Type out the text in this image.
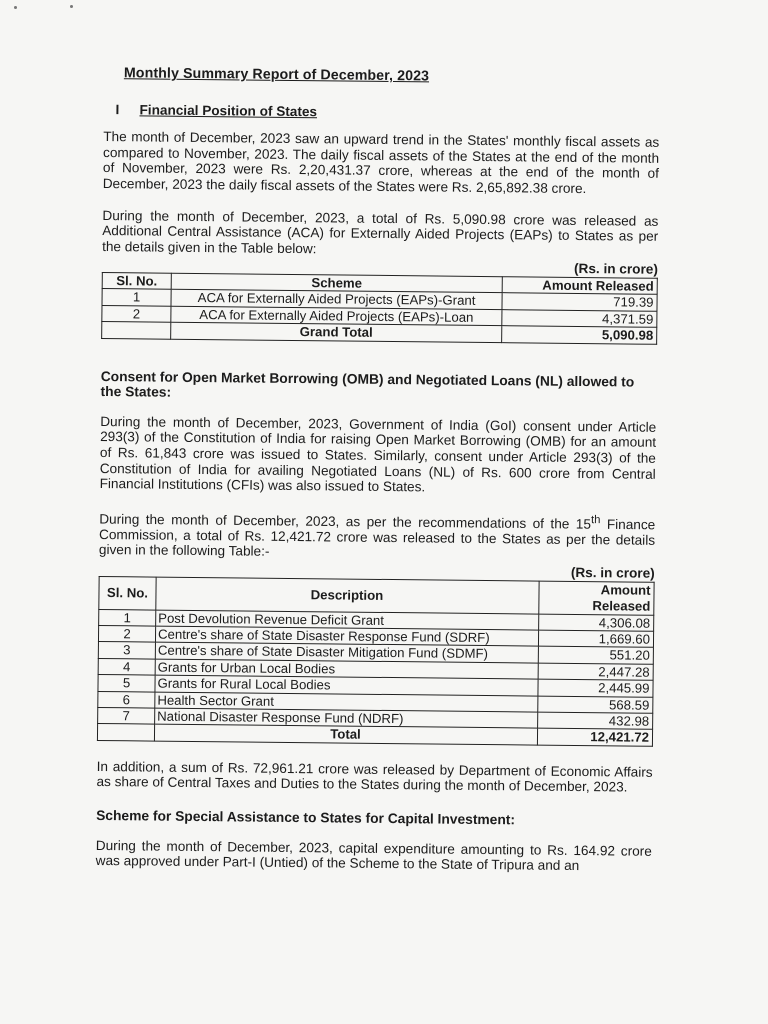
Monthly Summary Report of December, 2023
I Financial Position of States

The month of December, 2023 saw an upward trend in the States' monthly fiscal assets as compared to November, 2023. The daily fiscal assets of the States at the end of the month of November, 2023 were Rs. 2,20,431.37 crore, whereas at the end of the month of December, 2023 the daily fiscal assets of the States were Rs. 2,65,892.38 crore.

During the month of December, 2023, a total of Rs. 5,090.98 crore was released as Additional Central Assistance (ACA) for Externally Aided Projects (EAPs) to States as per the details given in the Table below:

(Rs. in crore)
Sl. No.	Scheme	Amount Released
1	ACA for Externally Aided Projects (EAPs)-Grant	719.39
2	ACA for Externally Aided Projects (EAPs)-Loan	4,371.59
	Grand Total	5,090.98
Consent for Open Market Borrowing (OMB) and Negotiated Loans (NL) allowed to the States:

During the month of December, 2023, Government of India (GoI) consent under Article 293(3) of the Constitution of India for raising Open Market Borrowing (OMB) for an amount of Rs. 61,843 crore was issued to States. Similarly, consent under Article 293(3) of the Constitution of India for availing Negotiated Loans (NL) of Rs. 600 crore from Central Financial Institutions (CFIs) was also issued to States.

During the month of December, 2023, as per the recommendations of the 15th Finance Commission, a total of Rs. 12,421.72 crore was released to the States as per the details given in the following Table:-

(Rs. in crore)
Sl. No.	Description	Amount Released
1	Post Devolution Revenue Deficit Grant	4,306.08
2	Centre's share of State Disaster Response Fund (SDRF)	1,669.60
3	Centre's share of State Disaster Mitigation Fund (SDMF)	551.20
4	Grants for Urban Local Bodies	2,447.28
5	Grants for Rural Local Bodies	2,445.99
6	Health Sector Grant	568.59
7	National Disaster Response Fund (NDRF)	432.98
	Total	12,421.72

In addition, a sum of Rs. 72,961.21 crore was released by Department of Economic Affairs as share of Central Taxes and Duties to the States during the month of December, 2023.

Scheme for Special Assistance to States for Capital Investment:

During the month of December, 2023, capital expenditure amounting to Rs. 164.92 crore was approved under Part-I (Untied) of the Scheme to the State of Tripura and an
